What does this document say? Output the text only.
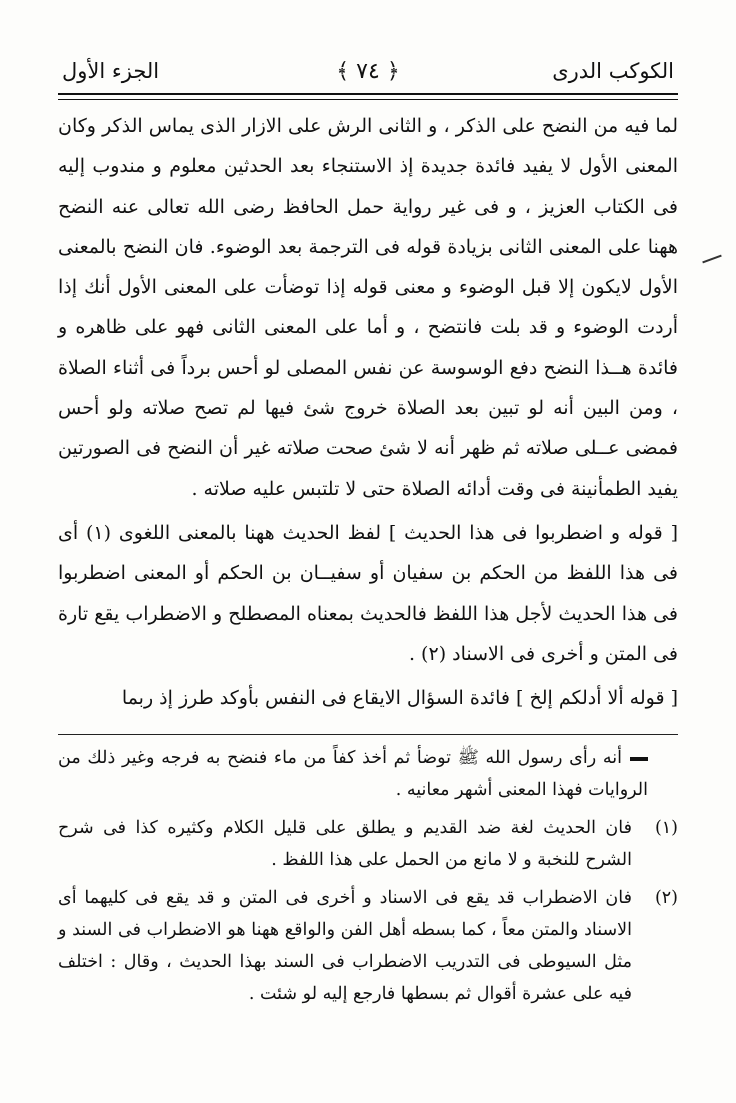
الكوكب الدرى
﴿ ٧٤ ﴾
الجزء الأول

لما فيه من النضح على الذكر ، و الثانى الرش على الازار الذى يماس الذكر وكان المعنى الأول لا يفيد فائدة جديدة إذ الاستنجاء بعد الحدثين معلوم و مندوب إليه فى الكتاب العزيز ، و فى غير رواية حمل الحافظ رضى الله تعالى عنه النضح ههنا على المعنى الثانى بزيادة قوله فى الترجمة بعد الوضوء. فان النضح بالمعنى الأول لايكون إلا قبل الوضوء و معنى قوله إذا توضأت على المعنى الأول أنك إذا أردت الوضوء و قد بلت فانتضح ، و أما على المعنى الثانى فهو على ظاهره و فائدة هــذا النضح دفع الوسوسة عن نفس المصلى لو أحس برداً فى أثناء الصلاة ، ومن البين أنه لو تبين بعد الصلاة خروج شئ فيها لم تصح صلاته ولو أحس فمضى عــلى صلاته ثم ظهر أنه لا شئ صحت صلاته غير أن النضح فى الصورتين يفيد الطمأنينة فى وقت أدائه الصلاة حتى لا تلتبس عليه صلاته .

[ قوله و اضطربوا فى هذا الحديث ] لفظ الحديث ههنا بالمعنى اللغوى (١) أى فى هذا اللفظ من الحكم بن سفيان أو سفيــان بن الحكم أو المعنى اضطربوا فى هذا الحديث لأجل هذا اللفظ فالحديث بمعناه المصطلح و الاضطراب يقع تارة فى المتن و أخرى فى الاسناد (٢) .

[ قوله ألا أدلكم إلخ ] فائدة السؤال الايقاع فى النفس بأوكد طرز إذ ربما

أنه رأى رسول الله ﷺ توضأ ثم أخذ كفاً من ماء فنضح به فرجه وغير ذلك من الروايات فهذا المعنى أشهر معانيه .

(١)
فان الحديث لغة ضد القديم و يطلق على قليل الكلام وكثيره كذا فى شرح الشرح للنخبة و لا مانع من الحمل على هذا اللفظ .
(٢)
فان الاضطراب قد يقع فى الاسناد و أخرى فى المتن و قد يقع فى كليهما أى الاسناد والمتن معاً ، كما بسطه أهل الفن والواقع ههنا هو الاضطراب فى السند و مثل السيوطى فى التدريب الاضطراب فى السند بهذا الحديث ، وقال : اختلف فيه على عشرة أقوال ثم بسطها فارجع إليه لو شئت .
